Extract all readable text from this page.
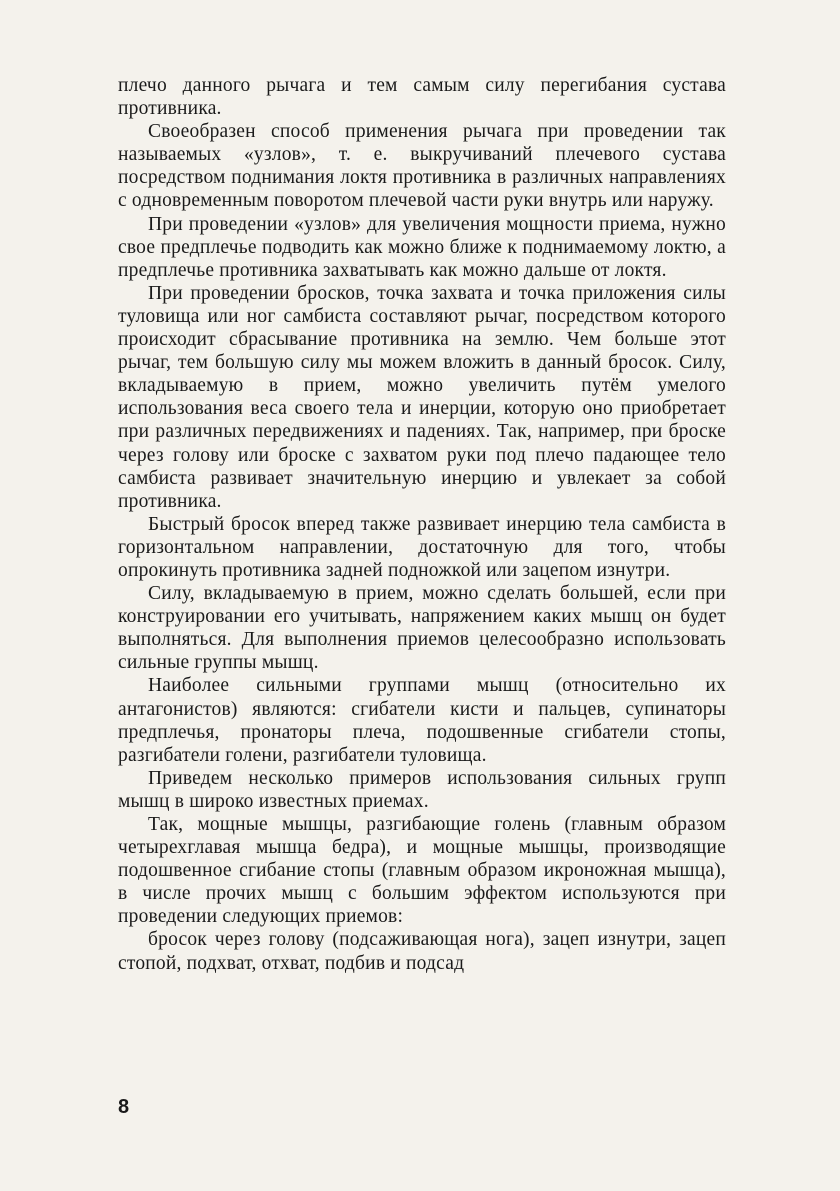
плечо данного рычага и тем самым силу перегибания сустава противника.

Своеобразен способ применения рычага при проведении так называемых «узлов», т. е. выкручиваний плечевого сустава посредством поднимания локтя противника в различных направлениях с одновременным поворотом плечевой части руки внутрь или наружу.

При проведении «узлов» для увеличения мощности приема, нужно свое предплечье подводить как можно ближе к поднимаемому локтю, а предплечье противника захватывать как можно дальше от локтя.

При проведении бросков, точка захвата и точка приложения силы туловища или ног самбиста составляют рычаг, посредством которого происходит сбрасывание противника на землю. Чем больше этот рычаг, тем большую силу мы можем вложить в данный бросок. Силу, вкладываемую в прием, можно увеличить путём умелого использования веса своего тела и инерции, которую оно приобретает при различных передвижениях и падениях. Так, например, при броске через голову или броске с захватом руки под плечо падающее тело самбиста развивает значительную инерцию и увлекает за собой противника.

Быстрый бросок вперед также развивает инерцию тела самбиста в горизонтальном направлении, достаточную для того, чтобы опрокинуть противника задней подножкой или зацепом изнутри.

Силу, вкладываемую в прием, можно сделать большей, если при конструировании его учитывать, напряжением каких мышц он будет выполняться. Для выполнения приемов целесообразно использовать сильные группы мышц.

Наиболее сильными группами мышц (относительно их антагонистов) являются: сгибатели кисти и пальцев, супинаторы предплечья, пронаторы плеча, подошвенные сгибатели стопы, разгибатели голени, разгибатели туловища.

Приведем несколько примеров использования сильных групп мышц в широко известных приемах.

Так, мощные мышцы, разгибающие голень (главным образом четырехглавая мышца бедра), и мощные мышцы, производящие подошвенное сгибание стопы (главным образом икроножная мышца), в числе прочих мышц с большим эффектом используются при проведении следующих приемов:

бросок через голову (подсаживающая нога), зацеп изнутри, зацеп стопой, подхват, отхват, подбив и подсад

8
